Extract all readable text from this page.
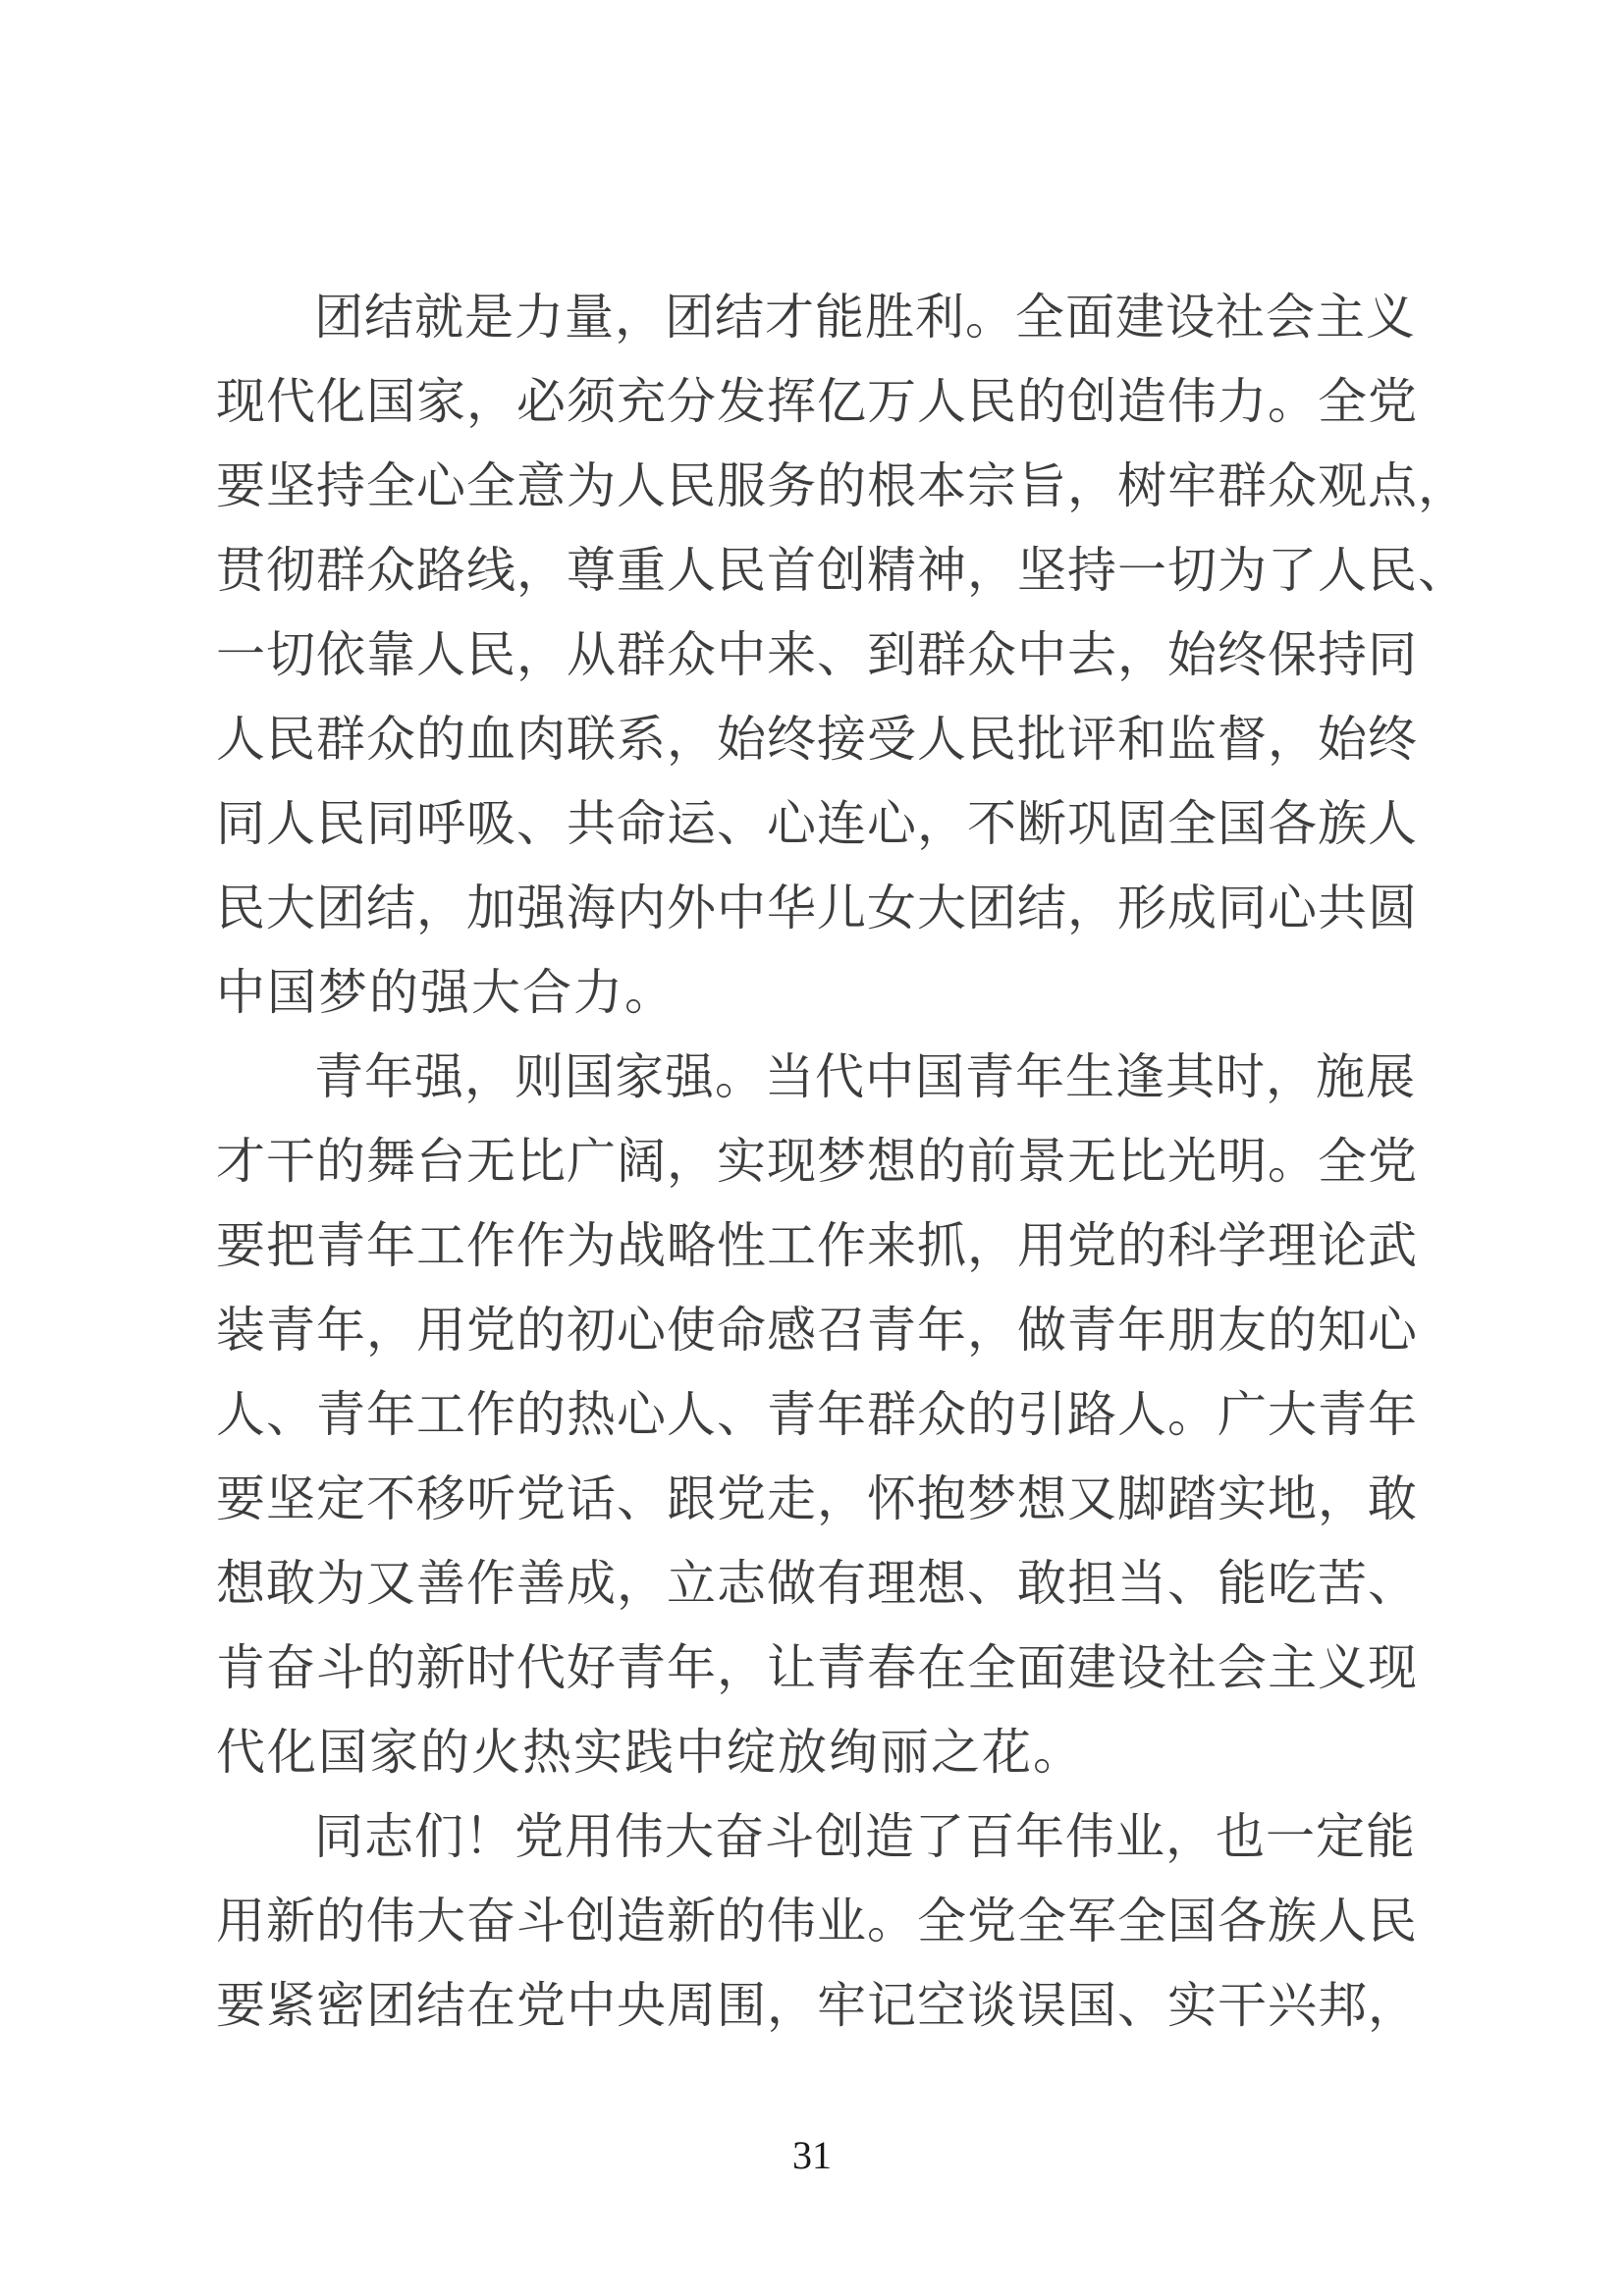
团结就是力量，团结才能胜利。全面建设社会主义
现代化国家，必须充分发挥亿万人民的创造伟力。全党
要坚持全心全意为人民服务的根本宗旨，树牢群众观点，
贯彻群众路线，尊重人民首创精神，坚持一切为了人民、
一切依靠人民，从群众中来、到群众中去，始终保持同
人民群众的血肉联系，始终接受人民批评和监督，始终
同人民同呼吸、共命运、心连心，不断巩固全国各族人
民大团结，加强海内外中华儿女大团结，形成同心共圆
中国梦的强大合力。
青年强，则国家强。当代中国青年生逢其时，施展
才干的舞台无比广阔，实现梦想的前景无比光明。全党
要把青年工作作为战略性工作来抓，用党的科学理论武
装青年，用党的初心使命感召青年，做青年朋友的知心
人、青年工作的热心人、青年群众的引路人。广大青年
要坚定不移听党话、跟党走，怀抱梦想又脚踏实地，敢
想敢为又善作善成，立志做有理想、敢担当、能吃苦、
肯奋斗的新时代好青年，让青春在全面建设社会主义现
代化国家的火热实践中绽放绚丽之花。
同志们！党用伟大奋斗创造了百年伟业，也一定能
用新的伟大奋斗创造新的伟业。全党全军全国各族人民
要紧密团结在党中央周围，牢记空谈误国、实干兴邦，
31
